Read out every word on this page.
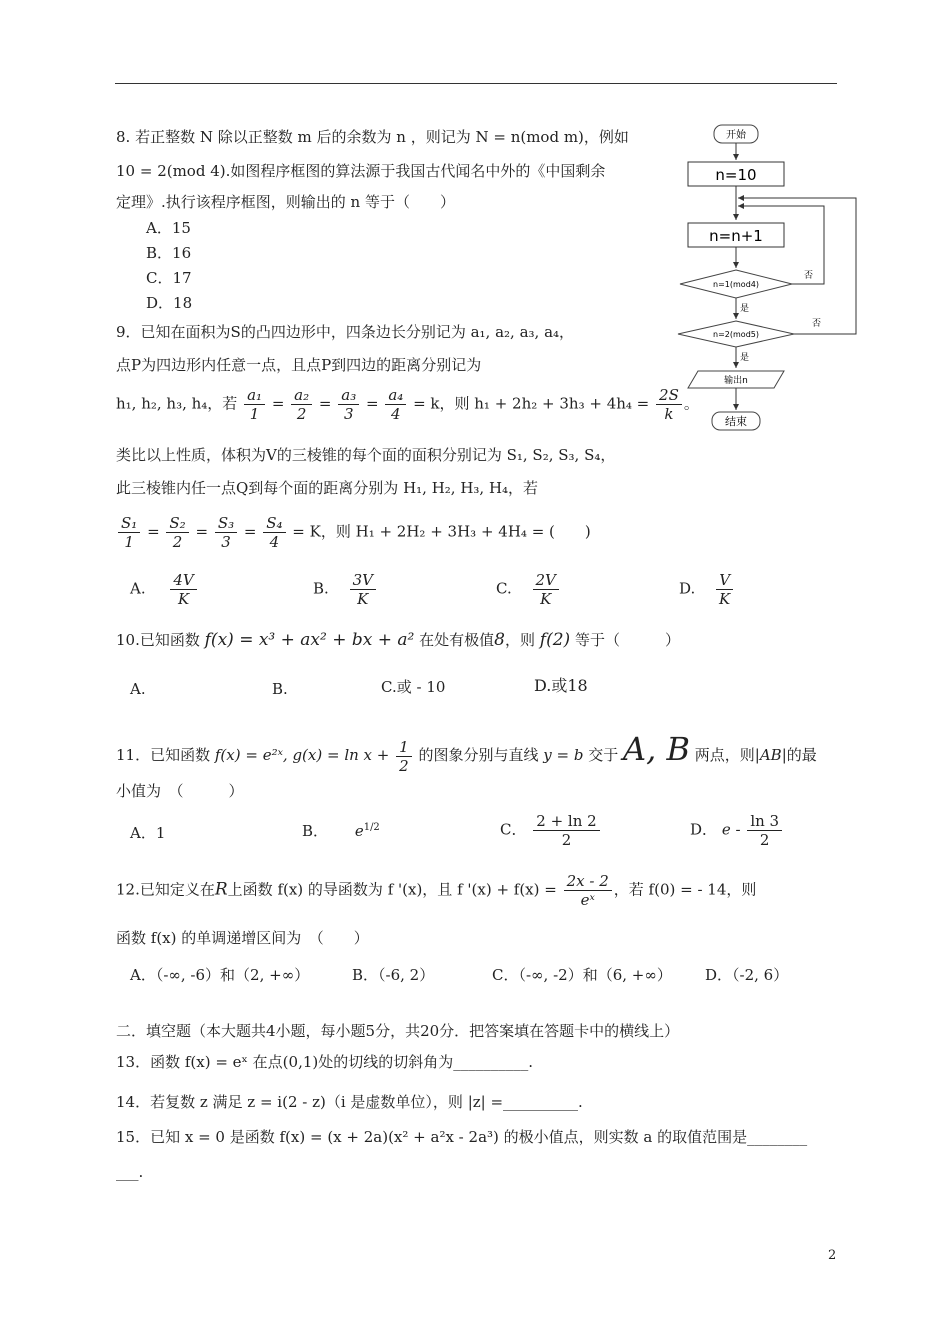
8. 若正整数 N 除以正整数 m 后的余数为 n ，则记为 N = n(mod m)，例如
10 = 2(mod 4).如图程序框图的算法源于我国古代闻名中外的《中国剩余
定理》.执行该程序框图，则输出的 n 等于（　　）
A．15
B．16
C．17
D．18
开始
n=10
n=n+1
n=1(mod4)
否
是
n=2(mod5)
否
是
输出n
结束
9．已知在面积为S的凸四边形中，四条边长分别记为 a₁, a₂, a₃, a₄，
点P为四边形内任意一点，且点P到四边的距离分别记为
h₁, h₂, h₃, h₄，若 $\frac{\text{a₁}}{1} = \frac{\text{a₂}}{2} = \frac{\text{a₃}}{3} = \frac{\text{a₄}}{4} = k$，则 $h_1 + 2h_2 + 3h_3 + 4h_4 = \frac{2S}{k}$ 。
类比以上性质，体积为V的三棱锥的每个面的面积分别记为 S₁, S₂, S₃, S₄，
此三棱锥内任一点Q到每个面的距离分别为 H₁, H₂, H₃, H₄，若
$\frac{\text{S₁}}{1} = \frac{\text{S₂}}{2} = \frac{\text{S₃}}{3} = \frac{\text{S₄}}{4} = K$，则 H₁ + 2H₂ + 3H₃ + 4H₄ = (　　)
A. $\frac{4V}{K}$	B. $\frac{3V}{K}$	C. $\frac{2V}{K}$	D. $\frac{V}{K}$
10.已知函数 f(x) = x³ + ax² + bx + a² 在处有极值8，则 f(2) 等于（　　　）
A.	B.	C.或 - 10	D.或18
11．已知函数 f(x) = e²ˣ, $g(x) = \ln x + \frac{1}{2}$ 的图象分别与直线 y = b 交于 A, B 两点，则|AB|的最
小值为　（　　　）
A．1	B． $e^{1/2}$	C． $\frac{2 + \ln 2}{2}$	D． e - $\frac{\ln 3}{2}$
12.已知定义在R上函数 f(x) 的导函数为 f '(x)，且 f '$(x) + f(x) = \frac{2x - 2}{\text{eˣ}}$ ，若 f(0) = - 14，则
函数 f(x) 的单调递增区间为　（　　）
A．（-∞, -6）和（2, +∞）	B．（-6, 2）	C．（-∞, -2）和（6, +∞） D．（-2, 6）
二．填空题（本大题共4小题，每小题5分，共20分．把答案填在答题卡中的横线上）
13．函数 f(x) = eˣ 在点(0,1)处的切线的切斜角为__________.
14．若复数 z 满足 z = i(2 - z)（i 是虚数单位），则 |z| =__________.
15．已知 x = 0 是函数 f(x) = (x + 2a)(x² + a²x - 2a³) 的极小值点，则实数 a 的取值范围是________
___.
2
